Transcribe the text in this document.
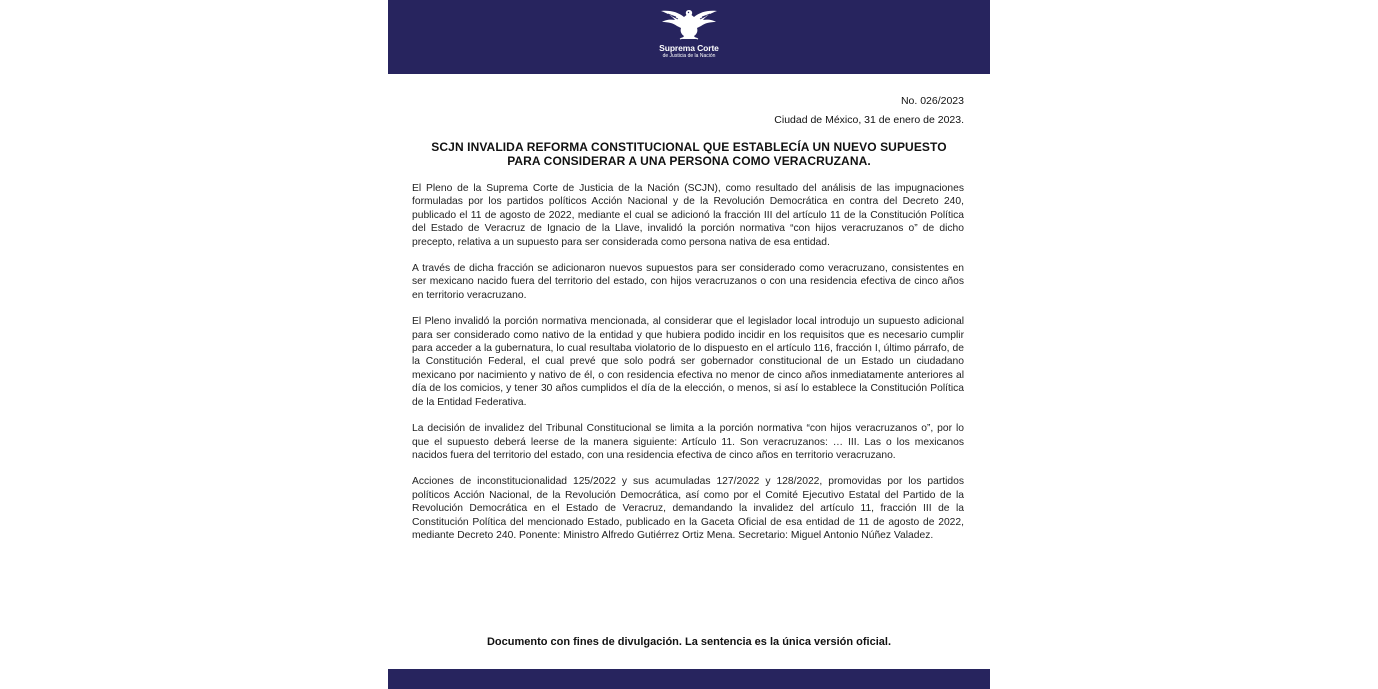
Suprema Corte
de Justicia de la Nación
No. 026/2023
Ciudad de México, 31 de enero de 2023.
SCJN INVALIDA REFORMA CONSTITUCIONAL QUE ESTABLECÍA UN NUEVO SUPUESTO
PARA CONSIDERAR A UNA PERSONA COMO VERACRUZANA.

El Pleno de la Suprema Corte de Justicia de la Nación (SCJN), como resultado del análisis de las impugnaciones formuladas por los partidos políticos Acción Nacional y de la Revolución Democrática en contra del Decreto 240, publicado el 11 de agosto de 2022, mediante el cual se adicionó la fracción III del artículo 11 de la Constitución Política del Estado de Veracruz de Ignacio de la Llave, invalidó la porción normativa “con hijos veracruzanos o” de dicho precepto, relativa a un supuesto para ser considerada como persona nativa de esa entidad.

A través de dicha fracción se adicionaron nuevos supuestos para ser considerado como veracruzano, consistentes en ser mexicano nacido fuera del territorio del estado, con hijos veracruzanos o con una residencia efectiva de cinco años en territorio veracruzano.

El Pleno invalidó la porción normativa mencionada, al considerar que el legislador local introdujo un supuesto adicional para ser considerado como nativo de la entidad y que hubiera podido incidir en los requisitos que es necesario cumplir para acceder a la gubernatura, lo cual resultaba violatorio de lo dispuesto en el artículo 116, fracción I, último párrafo, de la Constitución Federal, el cual prevé que solo podrá ser gobernador constitucional de un Estado un ciudadano mexicano por nacimiento y nativo de él, o con residencia efectiva no menor de cinco años inmediatamente anteriores al día de los comicios, y tener 30 años cumplidos el día de la elección, o menos, si así lo establece la Constitución Política de la Entidad Federativa.

La decisión de invalidez del Tribunal Constitucional se limita a la porción normativa “con hijos veracruzanos o”, por lo que el supuesto deberá leerse de la manera siguiente: Artículo 11. Son veracruzanos: … III. Las o los mexicanos nacidos fuera del territorio del estado, con una residencia efectiva de cinco años en territorio veracruzano.

Acciones de inconstitucionalidad 125/2022 y sus acumuladas 127/2022 y 128/2022, promovidas por los partidos políticos Acción Nacional, de la Revolución Democrática, así como por el Comité Ejecutivo Estatal del Partido de la Revolución Democrática en el Estado de Veracruz, demandando la invalidez del artículo 11, fracción III de la Constitución Política del mencionado Estado, publicado en la Gaceta Oficial de esa entidad de 11 de agosto de 2022, mediante Decreto 240. Ponente: Ministro Alfredo Gutiérrez Ortiz Mena. Secretario: Miguel Antonio Núñez Valadez.

Documento con fines de divulgación. La sentencia es la única versión oficial.
